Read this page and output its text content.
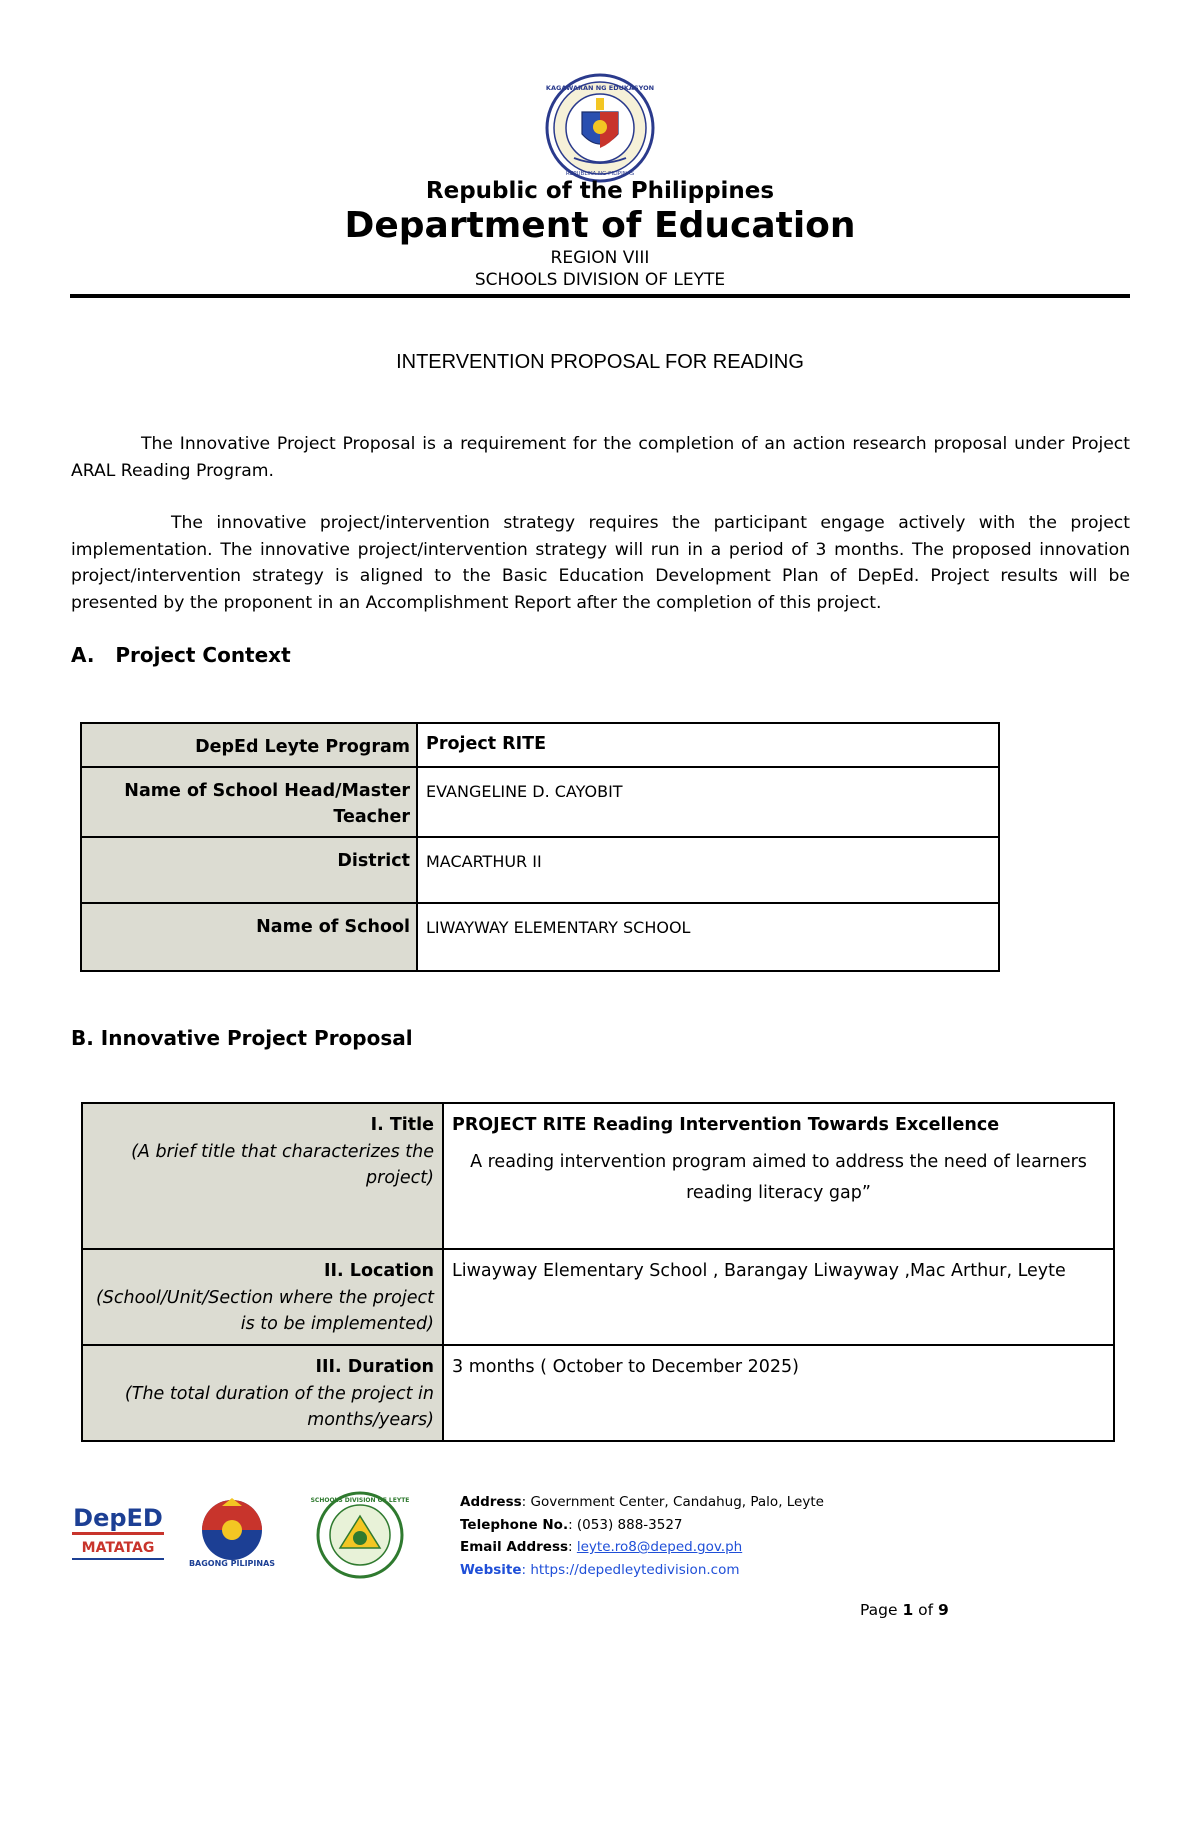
KAGAWARAN NG EDUKASYON
REPUBLIKA NG PILIPINAS
Republic of the Philippines
Department of Education
REGION VIII
SCHOOLS DIVISION OF LEYTE
INTERVENTION PROPOSAL FOR READING

The Innovative Project Proposal is a requirement for the completion of an action research proposal under Project ARAL Reading Program.

The innovative project/intervention strategy requires the participant engage actively with the project implementation. The innovative project/intervention strategy will run in a period of 3 months. The proposed innovation project/intervention strategy is aligned to the Basic Education Development Plan of DepEd. Project results will be presented by the proponent in an Accomplishment Report after the completion of this project.

A. Project Context
DepEd Leyte Program	Project RITE
Name of School Head/Master Teacher	EVANGELINE D. CAYOBIT
District	MACARTHUR II
Name of School	LIWAYWAY ELEMENTARY SCHOOL
B. Innovative Project Proposal
I. Title
(A brief title that characterizes the project)	PROJECT RITE Reading Intervention Towards Excellence
A reading intervention program aimed to address the need of learners reading literacy gap”

II. Location
(School/Unit/Section where the project is to be implemented)	Liwayway Elementary School , Barangay Liwayway ,Mac Arthur, Leyte

III. Duration
(The total duration of the project in months/years)	3 months ( October to December 2025)
DepED
MATATAG
BAGONG PILIPINAS
SCHOOLS DIVISION OF LEYTE	Address: Government Center, Candahug, Palo, Leyte
Telephone No.: (053) 888-3527
Email Address: leyte.ro8@deped.gov.ph
Website: https://depedleytedivision.com
Page 1 of 9
